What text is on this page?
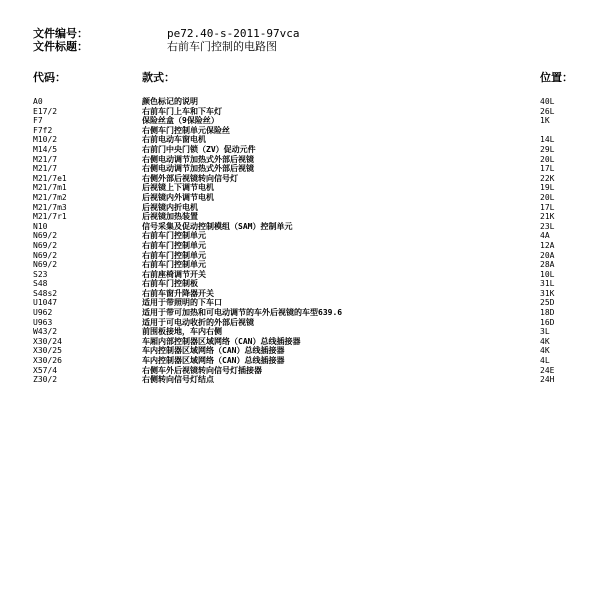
文件编号：	pe72.40-s-2011-97vca
文件标题：	右前车门控制的电路图
代码：	款式：	位置：
A0	颜色标记的说明	40L
E17/2	右前车门上车和下车灯	26L
F7	保险丝盒（9保险丝）	1K
F7f2	右侧车门控制单元保险丝
M10/2	右前电动车窗电机	14L
M14/5	右前门中央门锁（ZV）促动元件	29L
M21/7	右侧电动调节加热式外部后视镜	20L
M21/7	右侧电动调节加热式外部后视镜	17L
M21/7e1	右侧外部后视镜转向信号灯	22K
M21/7m1	后视镜上下调节电机	19L
M21/7m2	后视镜内外调节电机	20L
M21/7m3	后视镜内折电机	17L
M21/7r1	后视镜加热装置	21K
N10	信号采集及促动控制模组（SAM）控制单元	23L
N69/2	右前车门控制单元	4A
N69/2	右前车门控制单元	12A
N69/2	右前车门控制单元	20A
N69/2	右前车门控制单元	28A
S23	右前座椅调节开关	10L
S48	右前车门控制板	31L
S48s2	右前车窗升降器开关	31K
U1047	适用于带照明的下车口	25D
U962	适用于带可加热和可电动调节的车外后视镜的车型639.6	18D
U963	适用于可电动收折的外部后视镜	16D
W43/2	前围板接地，车内右侧	3L
X30/24	车厢内部控制器区域网络（CAN）总线插接器	4K
X30/25	车内控制器区域网络（CAN）总线插接器	4K
X30/26	车内控制器区域网络（CAN）总线插接器	4L
X57/4	右侧车外后视镜转向信号灯插接器	24E
Z30/2	右侧转向信号灯结点	24H
